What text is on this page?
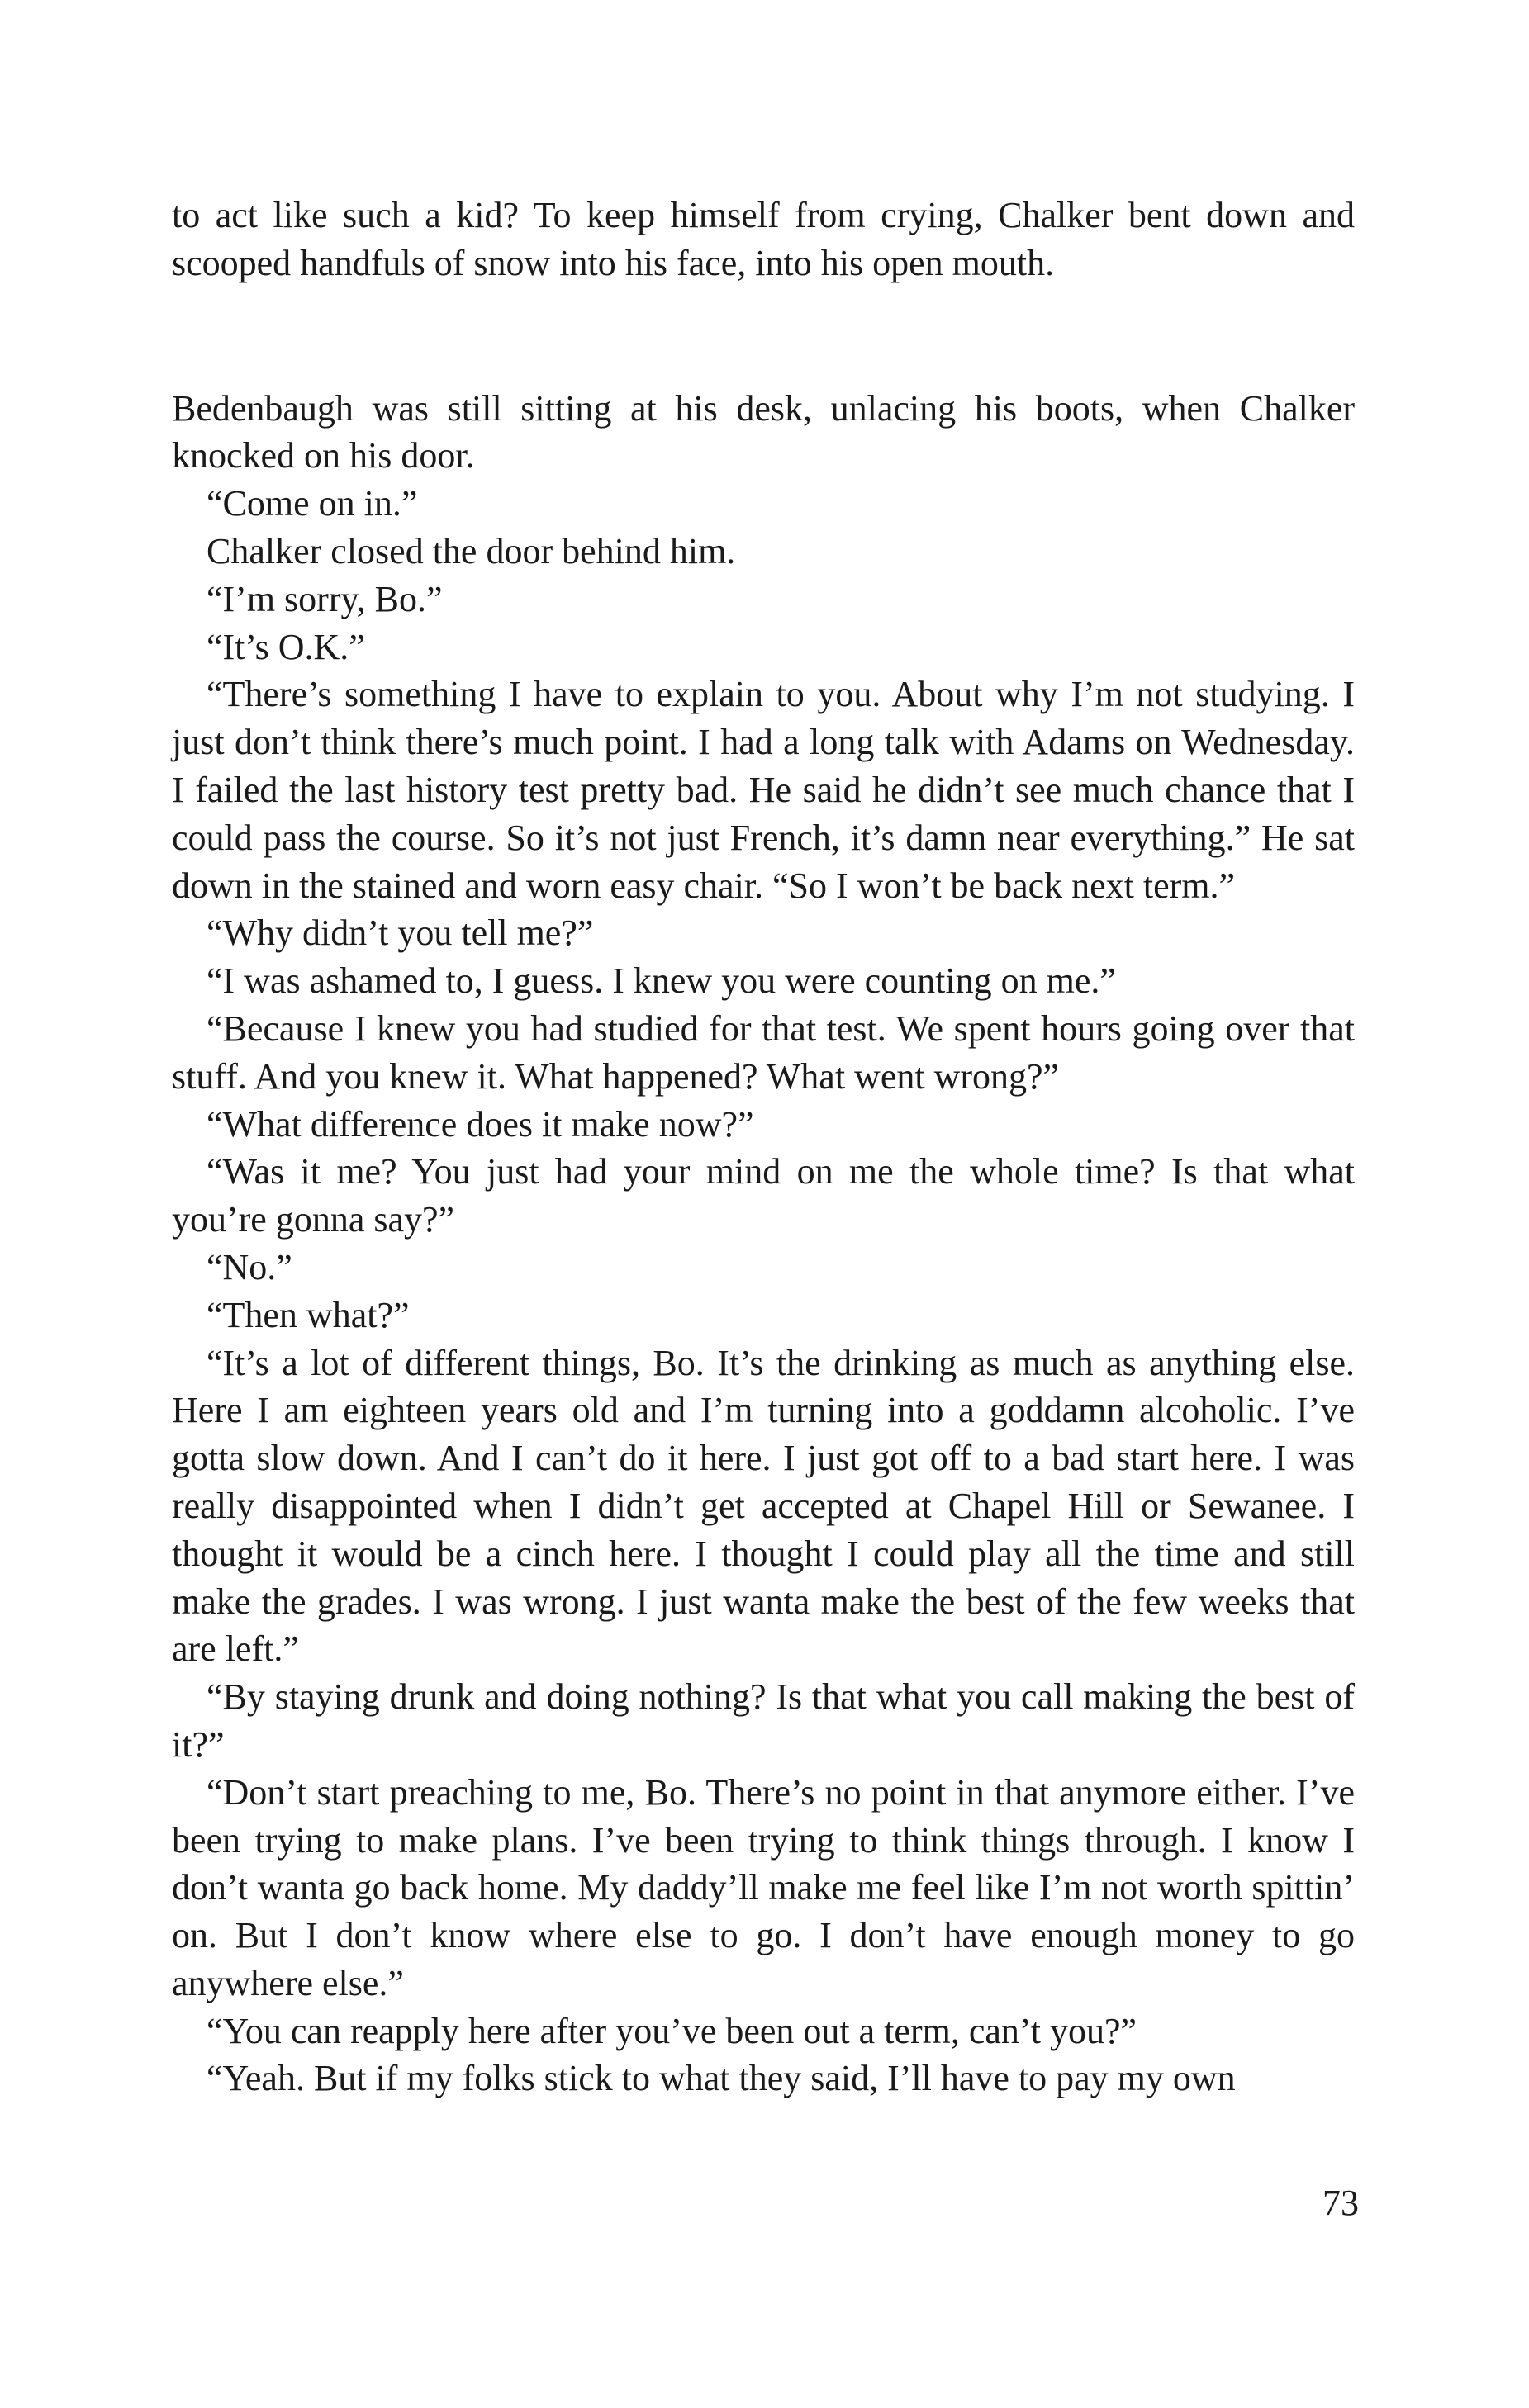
to act like such a kid? To keep himself from crying, Chalker bent down and scooped handfuls of snow into his face, into his open mouth.

Bedenbaugh was still sitting at his desk, unlacing his boots, when Chalker knocked on his door.

“Come on in.”

Chalker closed the door behind him.

“I’m sorry, Bo.”

“It’s O.K.”

“There’s something I have to explain to you. About why I’m not studying. I just don’t think there’s much point. I had a long talk with Adams on Wednesday. I failed the last history test pretty bad. He said he didn’t see much chance that I could pass the course. So it’s not just French, it’s damn near everything.” He sat down in the stained and worn easy chair. “So I won’t be back next term.”

“Why didn’t you tell me?”

“I was ashamed to, I guess. I knew you were counting on me.”

“Because I knew you had studied for that test. We spent hours going over that stuff. And you knew it. What happened? What went wrong?”

“What difference does it make now?”

“Was it me? You just had your mind on me the whole time? Is that what you’re gonna say?”

“No.”

“Then what?”

“It’s a lot of different things, Bo. It’s the drinking as much as anything else. Here I am eighteen years old and I’m turning into a goddamn alcoholic. I’ve gotta slow down. And I can’t do it here. I just got off to a bad start here. I was really disappointed when I didn’t get accepted at Chapel Hill or Sewanee. I thought it would be a cinch here. I thought I could play all the time and still make the grades. I was wrong. I just wanta make the best of the few weeks that are left.”

“By staying drunk and doing nothing? Is that what you call making the best of it?”

“Don’t start preaching to me, Bo. There’s no point in that anymore either. I’ve been trying to make plans. I’ve been trying to think things through. I know I don’t wanta go back home. My daddy’ll make me feel like I’m not worth spittin’ on. But I don’t know where else to go. I don’t have enough money to go anywhere else.”

“You can reapply here after you’ve been out a term, can’t you?”

“Yeah. But if my folks stick to what they said, I’ll have to pay my own

73
